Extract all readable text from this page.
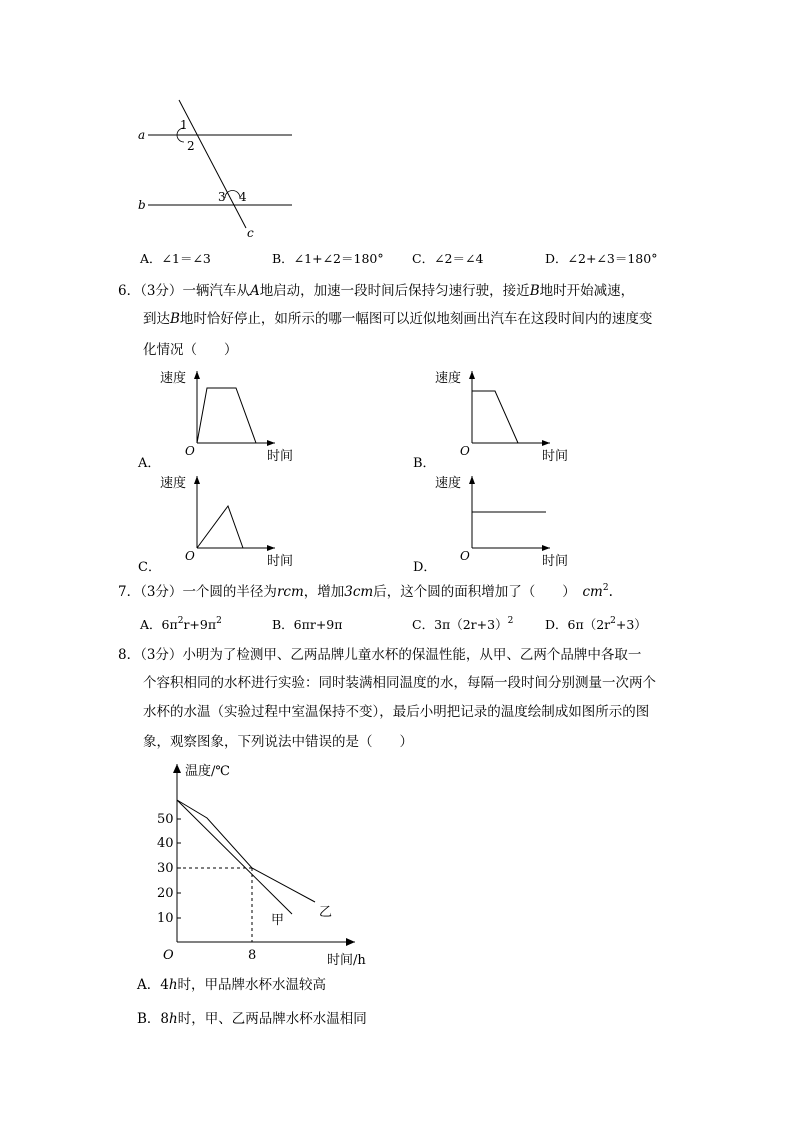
a
b
c
1
2
3 4
A．∠1＝∠3	B．∠1+∠2＝180° C．∠2＝∠4	D．∠2+∠3＝180°
6．（3分）一辆汽车从A地启动，加速一段时间后保持匀速行驶，接近B地时开始减速，
到达B地时恰好停止，如所示的哪一幅图可以近似地刻画出汽车在这段时间内的速度变
化情况（　　）
速度
时间
O
A．
速度
时间
O
B．
速度
时间
O
C．
速度
时间
O
D．
7．（3分）一个圆的半径为rcm，增加3cm后，这个圆的面积增加了（　　）　 $cm^2$.
A．$6\pi^2r+9\pi^2$	B．6πr+9π	C．$3\pi(2r+3)^2$	D．$6\pi(2r^2+3)$
8．（3分）小明为了检测甲、乙两品牌儿童水杯的保温性能，从甲、乙两个品牌中各取一
个容积相同的水杯进行实验：同时装满相同温度的水，每隔一段时间分别测量一次两个
水杯的水温（实验过程中室温保持不变），最后小明把记录的温度绘制成如图所示的图
象，观察图象，下列说法中错误的是（　　）
温度/℃
时间/h
O
10
20
30
40
50
8
甲
乙
A．4h时，甲品牌水杯水温较高
B．8h时，甲、乙两品牌水杯水温相同
